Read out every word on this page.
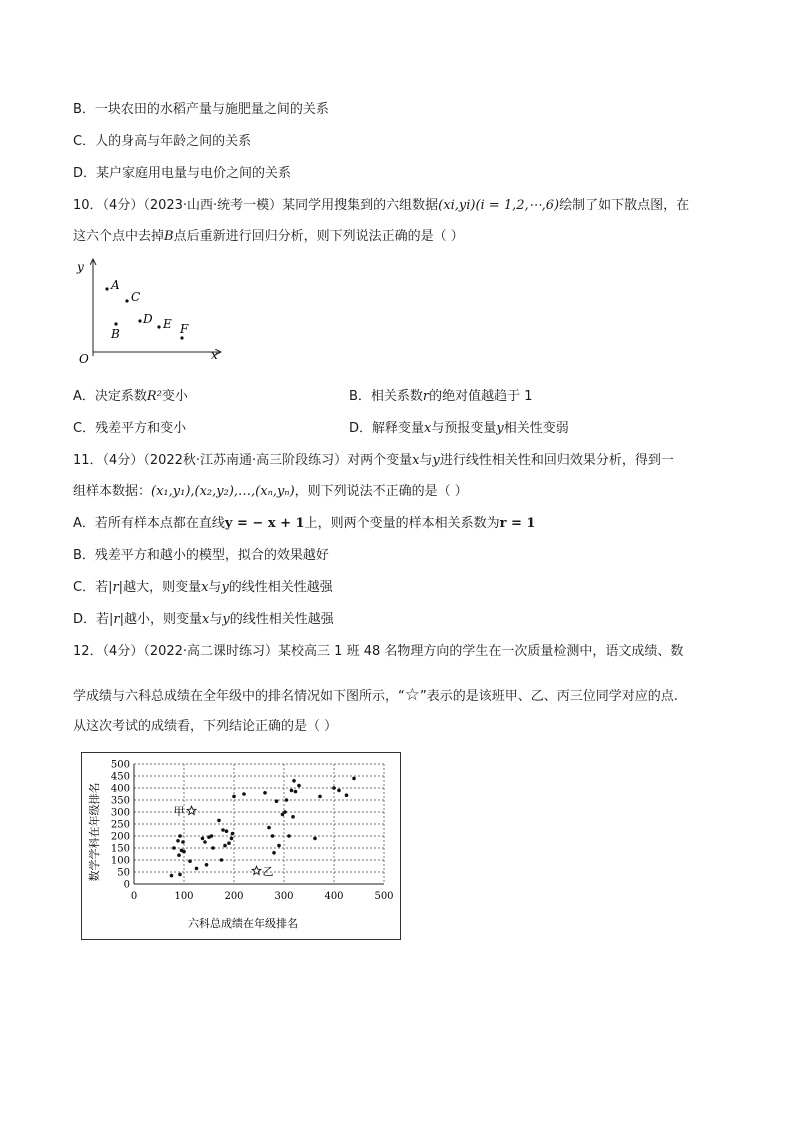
B．一块农田的水稻产量与施肥量之间的关系
C．人的身高与年龄之间的关系
D．某户家庭用电量与电价之间的关系
10．（4分）（2023·山西·统考一模）某同学用搜集到的六组数据(xi,yi)(i = 1,2,⋯,6)绘制了如下散点图，在
这六个点中去掉B点后重新进行回归分析，则下列说法正确的是（ ）
y
x
O
A
B
C
D E F
A．决定系数R²变小	B．相关系数r的绝对值越趋于 1
C．残差平方和变小	D．解释变量x与预报变量y相关性变弱
11．（4分）（2022秋·江苏南通·高三阶段练习）对两个变量x与y进行线性相关性和回归效果分析，得到一
组样本数据：(x₁,y₁),(x₂,y₂),…,(xₙ,yₙ)，则下列说法不正确的是（ ）
A．若所有样本点都在直线y = − x + 1上，则两个变量的样本相关系数为r = 1
B．残差平方和越小的模型，拟合的效果越好
C．若|r|越大，则变量x与y的线性相关性越强
D．若|r|越小，则变量x与y的线性相关性越强
12．（4分）（2022·高二课时练习）某校高三 1 班 48 名物理方向的学生在一次质量检测中，语文成绩、数
学成绩与六科总成绩在全年级中的排名情况如下图所示，“☆”表示的是该班甲、乙、丙三位同学对应的点.
从这次考试的成绩看，下列结论正确的是（ ）
0
50
100
150
200
250
300
350
400
450
500
0	100	200	300	400	500
甲
乙
六科总成绩在年级排名
数学学科在年级排名
